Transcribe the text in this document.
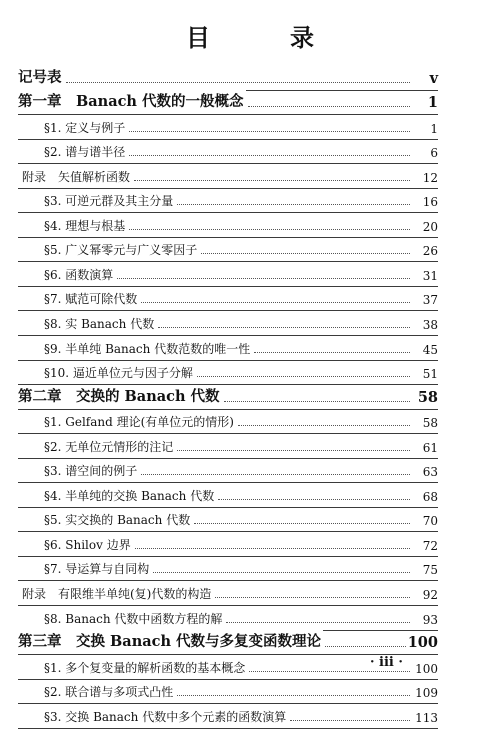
目　录
记号表	v
第一章　Banach 代数的一般概念	1
§1. 定义与例子	1
§2. 谱与谱半径	6
附录　矢值解析函数	12
§3. 可逆元群及其主分量	16
§4. 理想与根基	20
§5. 广义幂零元与广义零因子	26
§6. 函数演算	31
§7. 赋范可除代数	37
§8. 实 Banach 代数	38
§9. 半单纯 Banach 代数范数的唯一性	45
§10. 逼近单位元与因子分解	51
第二章　交换的 Banach 代数	58
§1. Gelfand 理论(有单位元的情形)	58
§2. 无单位元情形的注记	61
§3. 谱空间的例子	63
§4. 半单纯的交换 Banach 代数	68
§5. 实交换的 Banach 代数	70
§6. Shilov 边界	72
§7. 导运算与自同构	75
附录　有限维半单纯(复)代数的构造	92
§8. Banach 代数中函数方程的解	93
第三章　交换 Banach 代数与多复变函数理论	100
§1. 多个复变量的解析函数的基本概念	100
§2. 联合谱与多项式凸性	109
§3. 交换 Banach 代数中多个元素的函数演算	113
· iii ·
